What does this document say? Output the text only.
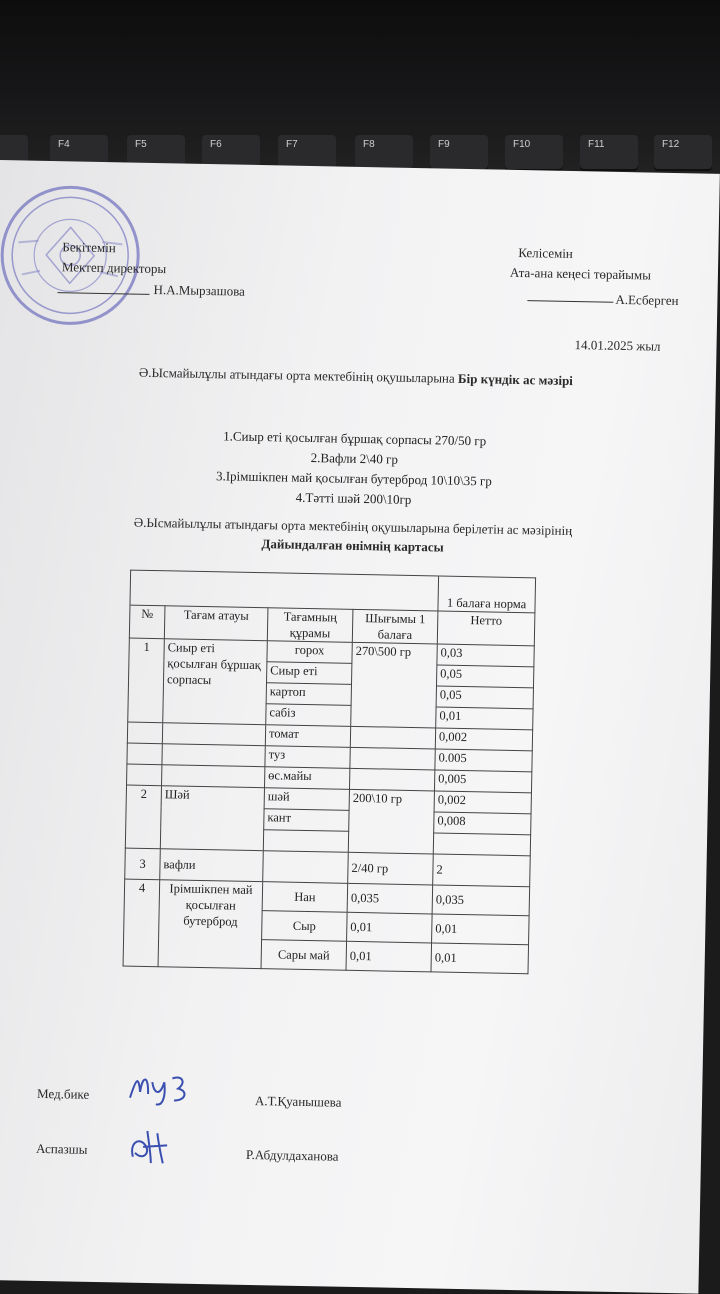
F4	F5	F6	F7	F8	F9	F10	F11	F12
Бекітемін
Мектеп директоры
Н.А.Мырзашова
Келісемін
Ата-ана кеңесі төрайымы
А.Есберген
14.01.2025 жыл
Ә.Ысмайылұлы атындағы орта мектебінің оқушыларына Бір күндік ас мәзірі
1.Сиыр еті қосылған бұршақ сорпасы 270/50 гр
2.Вафли 2\40 гр
3.Ірімшікпен май қосылған бутерброд 10\10\35 гр
4.Тәтті шәй 200\10гр
Ә.Ысмайылұлы атындағы орта мектебінің оқушыларына берілетін ас мәзірінің
Дайындалған өнімнің картасы
				1 балаға норма
№	Тағам атауы	Тағамның құрамы	Шығымы 1 балаға	Нетто
1	Сиыр еті қосылған бұршақ сорпасы	горох	270\500 гр	0,03
		Сиыр еті		0,05
		картоп		0,05
		сабіз		0,01
		томат		0,002
		туз		0.005
		өс.майы		0,005
2	Шәй	шәй	200\10 гр	0,002
		кант		0,008

3	вафли		2/40 гр	2
4	Ірімшікпен май қосылған бутерброд	Нан	0,035	0,035
		Сыр	0,01	0,01
		Сары май	0,01	0,01
Мед.бике	А.Т.Қуанышева
Аспазшы	Р.Абдулдаханова
